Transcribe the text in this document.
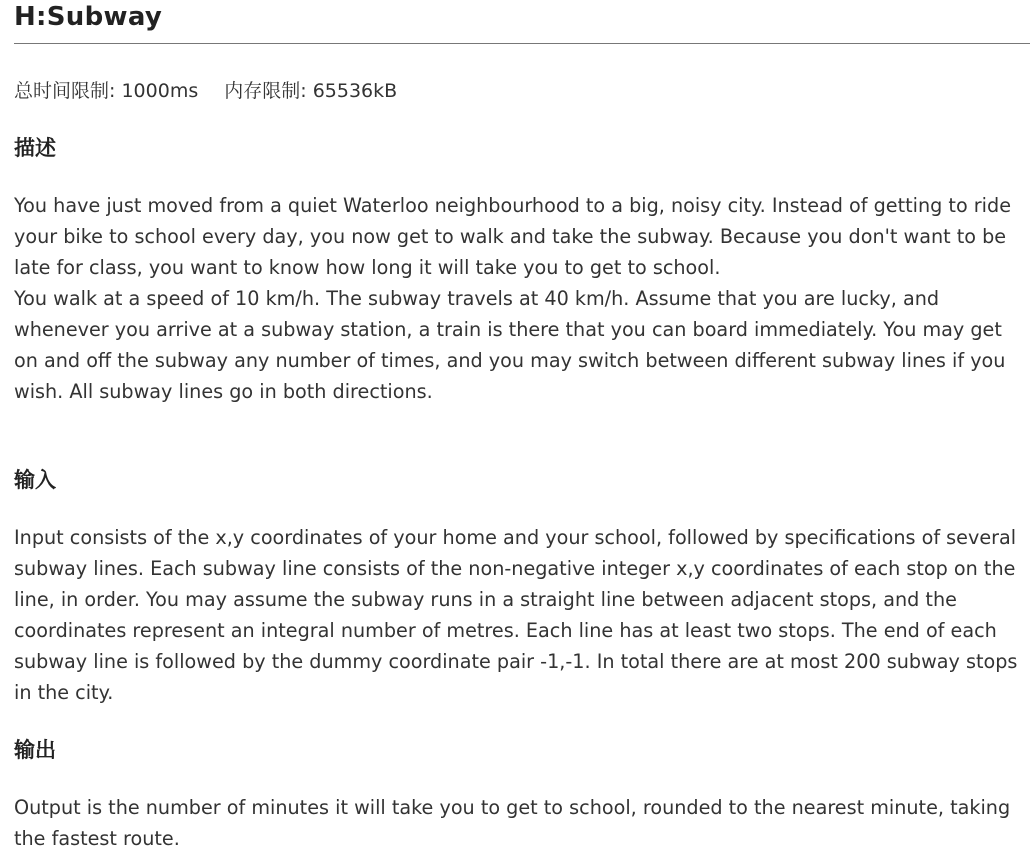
H:Subway
总时间限制: 1000ms 内存限制: 65536kB
描述

You have just moved from a quiet Waterloo neighbourhood to a big, noisy city. Instead of getting to ride your bike to school every day, you now get to walk and take the subway. Because you don't want to be late for class, you want to know how long it will take you to get to school.

You walk at a speed of 10 km/h. The subway travels at 40 km/h. Assume that you are lucky, and whenever you arrive at a subway station, a train is there that you can board immediately. You may get on and off the subway any number of times, and you may switch between different subway lines if you wish. All subway lines go in both directions.

输入

Input consists of the x,y coordinates of your home and your school, followed by specifications of several subway lines. Each subway line consists of the non-negative integer x,y coordinates of each stop on the line, in order. You may assume the subway runs in a straight line between adjacent stops, and the coordinates represent an integral number of metres. Each line has at least two stops. The end of each subway line is followed by the dummy coordinate pair -1,-1. In total there are at most 200 subway stops in the city.

输出

Output is the number of minutes it will take you to get to school, rounded to the nearest minute, taking the fastest route.
